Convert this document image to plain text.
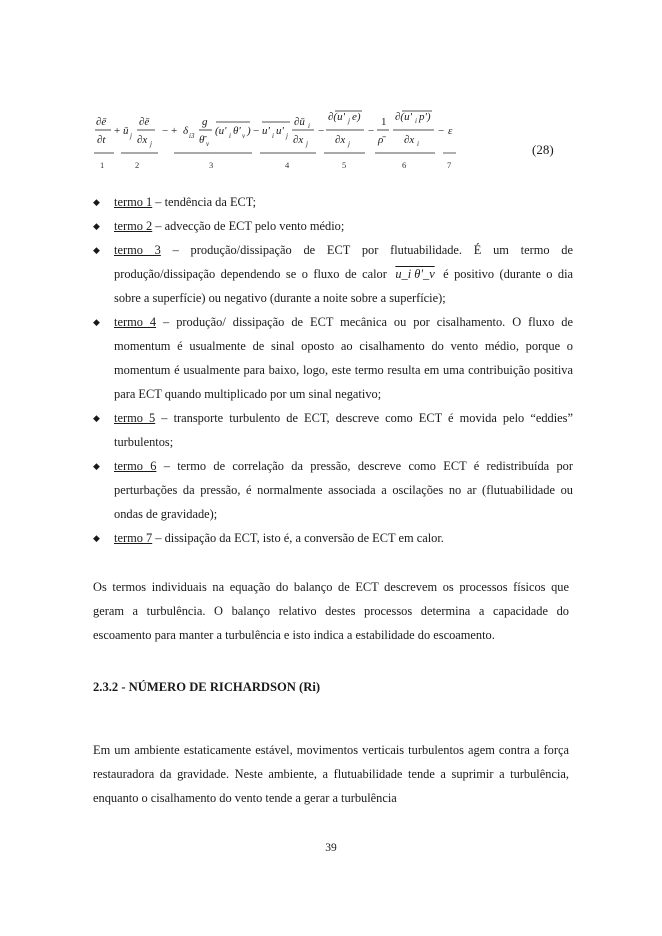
∂ē
∂t
+ ū j
∂ē
∂x j
− + δ i3
g
θ̄ v
(u' i θ' v ) − u' i u' j
∂ū i
∂x j
−
∂(u' j e)
∂x j
−
1
ρ̄
∂(u' i p')
∂x i
− ε
1	2	3	4	5	6	7
(28)
◆ termo 1 – tendência da ECT;
◆ termo 2 – advecção de ECT pelo vento médio;
◆ termo 3 – produção/dissipação de ECT por flutuabilidade. É um termo de produção/dissipação dependendo se o fluxo de calor u_i θ'_v é positivo (durante o dia sobre a superfície) ou negativo (durante a noite sobre a superfície);
◆ termo 4 – produção/ dissipação de ECT mecânica ou por cisalhamento. O fluxo de momentum é usualmente de sinal oposto ao cisalhamento do vento médio, porque o momentum é usualmente para baixo, logo, este termo resulta em uma contribuição positiva para ECT quando multiplicado por um sinal negativo;
◆ termo 5 – transporte turbulento de ECT, descreve como ECT é movida pelo “eddies” turbulentos;
◆ termo 6 – termo de correlação da pressão, descreve como ECT é redistribuída por perturbações da pressão, é normalmente associada a oscilações no ar (flutuabilidade ou ondas de gravidade);
◆ termo 7 – dissipação da ECT, isto é, a conversão de ECT em calor.

Os termos individuais na equação do balanço de ECT descrevem os processos físicos que geram a turbulência. O balanço relativo destes processos determina a capacidade do escoamento para manter a turbulência e isto indica a estabilidade do escoamento.

2.3.2 - NÚMERO DE RICHARDSON (Ri)

Em um ambiente estaticamente estável, movimentos verticais turbulentos agem contra a força restauradora da gravidade. Neste ambiente, a flutuabilidade tende a suprimir a turbulência, enquanto o cisalhamento do vento tende a gerar a turbulência

39
